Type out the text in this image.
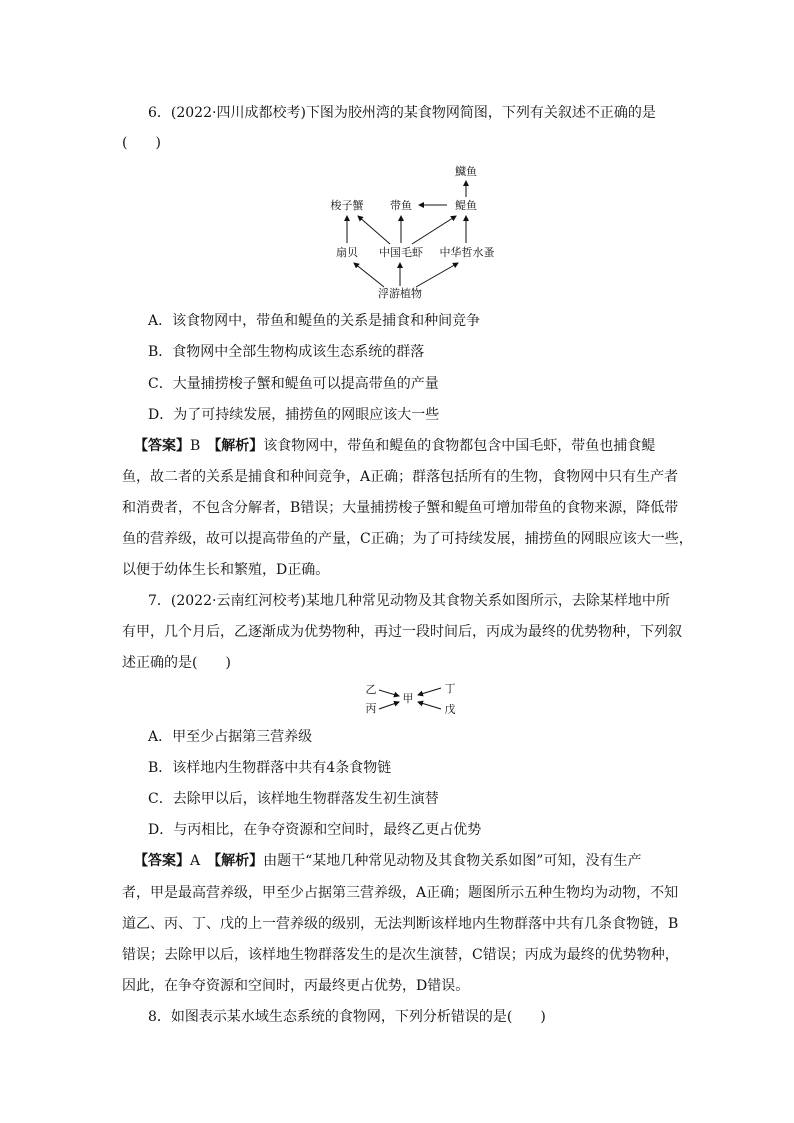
6．(2022·四川成都校考)下图为胶州湾的某食物网简图，下列有关叙述不正确的是
(　　)
鱵鱼
梭子蟹 带鱼	鳀鱼
扇贝 中国毛虾 中华哲水蚤
浮游植物
A．该食物网中，带鱼和鳀鱼的关系是捕食和种间竞争
B．食物网中全部生物构成该生态系统的群落
C．大量捕捞梭子蟹和鳀鱼可以提高带鱼的产量
D．为了可持续发展，捕捞鱼的网眼应该大一些
【答案】B　 【解析】该食物网中，带鱼和鳀鱼的食物都包含中国毛虾，带鱼也捕食鳀
鱼，故二者的关系是捕食和种间竞争，A正确；群落包括所有的生物，食物网中只有生产者
和消费者，不包含分解者，B错误；大量捕捞梭子蟹和鳀鱼可增加带鱼的食物来源，降低带
鱼的营养级，故可以提高带鱼的产量，C正确；为了可持续发展，捕捞鱼的网眼应该大一些，
以便于幼体生长和繁殖，D正确。
7．(2022·云南红河校考)某地几种常见动物及其食物关系如图所示，去除某样地中所
有甲，几个月后，乙逐渐成为优势物种，再过一段时间后，丙成为最终的优势物种，下列叙
述正确的是(　　)
乙
丙
甲
丁
戊
A．甲至少占据第三营养级
B．该样地内生物群落中共有4条食物链
C．去除甲以后，该样地生物群落发生初生演替
D．与丙相比，在争夺资源和空间时，最终乙更占优势
【答案】A　 【解析】由题干“某地几种常见动物及其食物关系如图”可知，没有生产
者，甲是最高营养级，甲至少占据第三营养级，A正确；题图所示五种生物均为动物，不知
道乙、丙、丁、戊的上一营养级的级别，无法判断该样地内生物群落中共有几条食物链，B
错误；去除甲以后，该样地生物群落发生的是次生演替，C错误；丙成为最终的优势物种，
因此，在争夺资源和空间时，丙最终更占优势，D错误。
8．如图表示某水域生态系统的食物网，下列分析错误的是(　　)
